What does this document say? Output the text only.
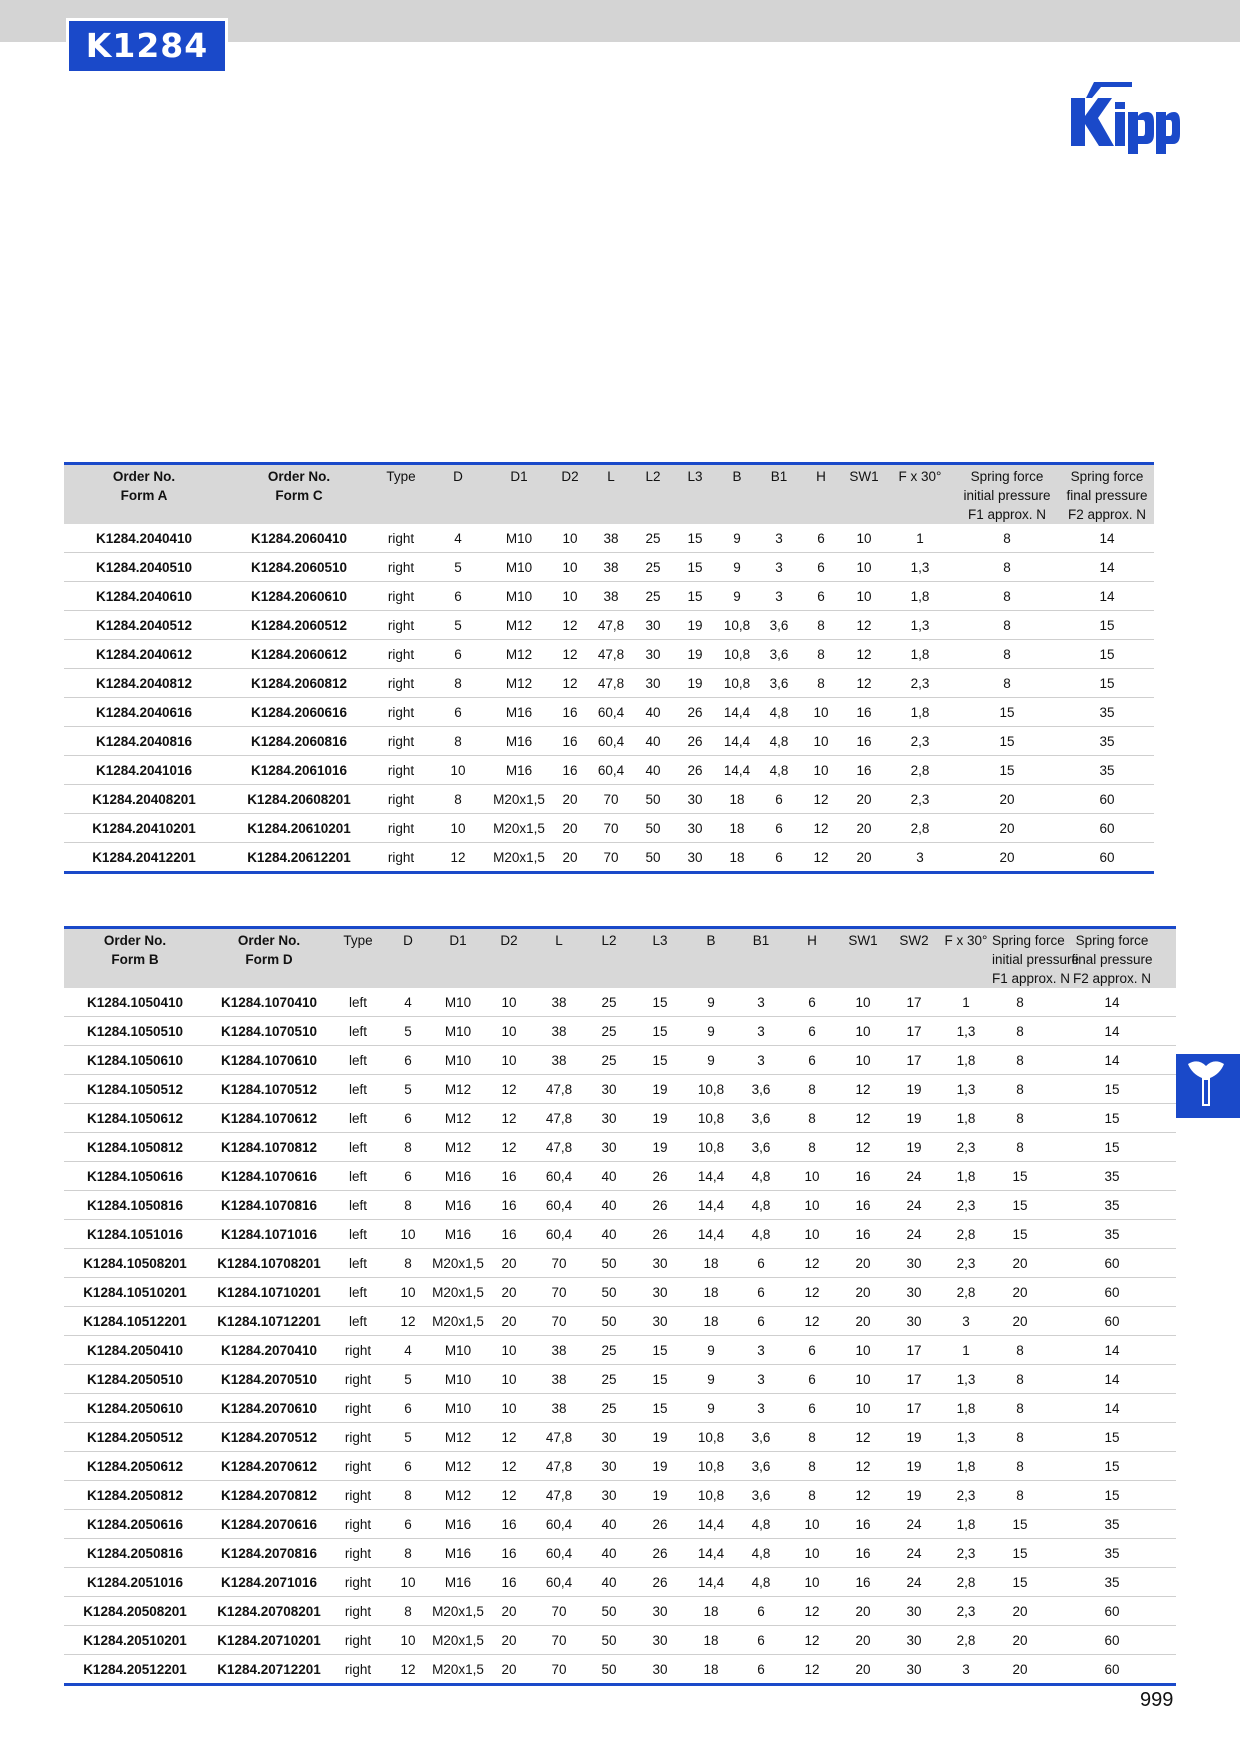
K1284
Order No.
Form A	Order No.
Form C	Type	D	D1	D2	L	L2	L3	B	B1	H	SW1	F x 30°	Spring force
initial pressure
F1 approx. N	Spring force
final pressure
F2 approx. N
K1284.2040410	K1284.2060410	right	4	M10	10	38	25	15	9	3	6	10	1	8	14
K1284.2040510	K1284.2060510	right	5	M10	10	38	25	15	9	3	6	10	1,3	8	14
K1284.2040610	K1284.2060610	right	6	M10	10	38	25	15	9	3	6	10	1,8	8	14
K1284.2040512	K1284.2060512	right	5	M12	12	47,8	30	19	10,8	3,6	8	12	1,3	8	15
K1284.2040612	K1284.2060612	right	6	M12	12	47,8	30	19	10,8	3,6	8	12	1,8	8	15
K1284.2040812	K1284.2060812	right	8	M12	12	47,8	30	19	10,8	3,6	8	12	2,3	8	15
K1284.2040616	K1284.2060616	right	6	M16	16	60,4	40	26	14,4	4,8	10	16	1,8	15	35
K1284.2040816	K1284.2060816	right	8	M16	16	60,4	40	26	14,4	4,8	10	16	2,3	15	35
K1284.2041016	K1284.2061016	right	10	M16	16	60,4	40	26	14,4	4,8	10	16	2,8	15	35
K1284.20408201	K1284.20608201	right	8	M20x1,5	20	70	50	30	18	6	12	20	2,3	20	60
K1284.20410201	K1284.20610201	right	10	M20x1,5	20	70	50	30	18	6	12	20	2,8	20	60
K1284.20412201	K1284.20612201	right	12	M20x1,5	20	70	50	30	18	6	12	20	3	20	60
Order No.
Form B	Order No.
Form D	Type	D	D1	D2	L	L2	L3	B	B1	H	SW1	SW2	F x 30°	Spring force
initial pressure
F1 approx. N	Spring force
final pressure
F2 approx. N
K1284.1050410	K1284.1070410	left	4	M10	10	38	25	15	9	3	6	10	17	1	8	14
K1284.1050510	K1284.1070510	left	5	M10	10	38	25	15	9	3	6	10	17	1,3	8	14
K1284.1050610	K1284.1070610	left	6	M10	10	38	25	15	9	3	6	10	17	1,8	8	14
K1284.1050512	K1284.1070512	left	5	M12	12	47,8	30	19	10,8	3,6	8	12	19	1,3	8	15
K1284.1050612	K1284.1070612	left	6	M12	12	47,8	30	19	10,8	3,6	8	12	19	1,8	8	15
K1284.1050812	K1284.1070812	left	8	M12	12	47,8	30	19	10,8	3,6	8	12	19	2,3	8	15
K1284.1050616	K1284.1070616	left	6	M16	16	60,4	40	26	14,4	4,8	10	16	24	1,8	15	35
K1284.1050816	K1284.1070816	left	8	M16	16	60,4	40	26	14,4	4,8	10	16	24	2,3	15	35
K1284.1051016	K1284.1071016	left	10	M16	16	60,4	40	26	14,4	4,8	10	16	24	2,8	15	35
K1284.10508201	K1284.10708201	left	8	M20x1,5	20	70	50	30	18	6	12	20	30	2,3	20	60
K1284.10510201	K1284.10710201	left	10	M20x1,5	20	70	50	30	18	6	12	20	30	2,8	20	60
K1284.10512201	K1284.10712201	left	12	M20x1,5	20	70	50	30	18	6	12	20	30	3	20	60
K1284.2050410	K1284.2070410	right	4	M10	10	38	25	15	9	3	6	10	17	1	8	14
K1284.2050510	K1284.2070510	right	5	M10	10	38	25	15	9	3	6	10	17	1,3	8	14
K1284.2050610	K1284.2070610	right	6	M10	10	38	25	15	9	3	6	10	17	1,8	8	14
K1284.2050512	K1284.2070512	right	5	M12	12	47,8	30	19	10,8	3,6	8	12	19	1,3	8	15
K1284.2050612	K1284.2070612	right	6	M12	12	47,8	30	19	10,8	3,6	8	12	19	1,8	8	15
K1284.2050812	K1284.2070812	right	8	M12	12	47,8	30	19	10,8	3,6	8	12	19	2,3	8	15
K1284.2050616	K1284.2070616	right	6	M16	16	60,4	40	26	14,4	4,8	10	16	24	1,8	15	35
K1284.2050816	K1284.2070816	right	8	M16	16	60,4	40	26	14,4	4,8	10	16	24	2,3	15	35
K1284.2051016	K1284.2071016	right	10	M16	16	60,4	40	26	14,4	4,8	10	16	24	2,8	15	35
K1284.20508201	K1284.20708201	right	8	M20x1,5	20	70	50	30	18	6	12	20	30	2,3	20	60
K1284.20510201	K1284.20710201	right	10	M20x1,5	20	70	50	30	18	6	12	20	30	2,8	20	60
K1284.20512201	K1284.20712201	right	12	M20x1,5	20	70	50	30	18	6	12	20	30	3	20	60
999
